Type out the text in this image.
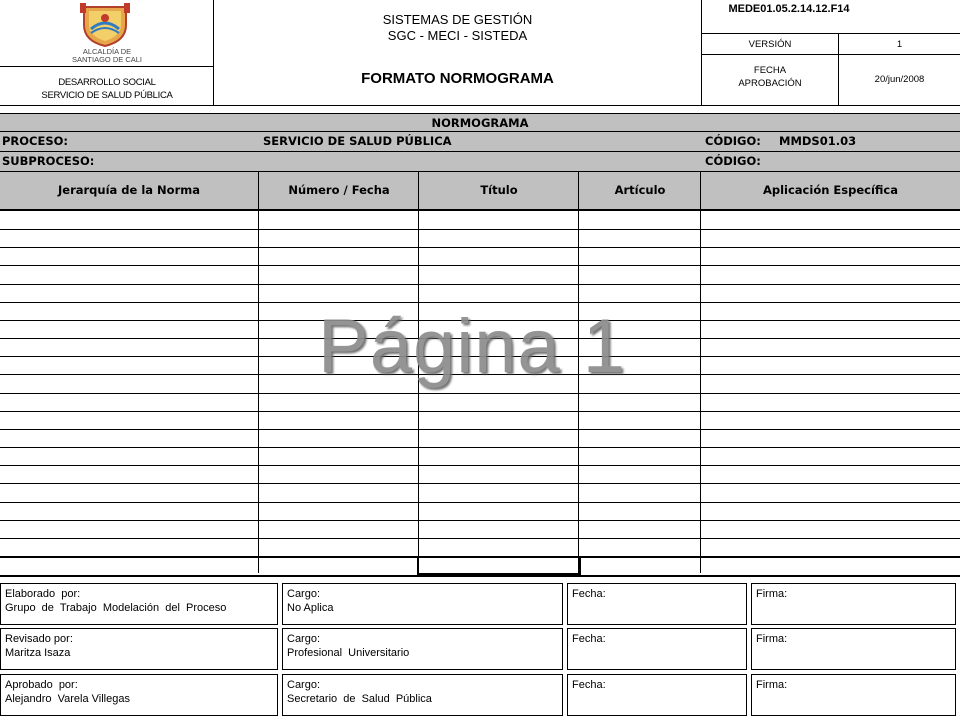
ALCALDÍA DE
SANTIAGO DE CALI
DESARROLLO SOCIAL
SERVICIO DE SALUD PÚBLICA
SISTEMAS DE GESTIÓN
SGC - MECI - SISTEDA
FORMATO NORMOGRAMA
MEDE01.05.2.14.12.F14
VERSIÓN	1
FECHA
APROBACIÓN	20/jun/2008
NORMOGRAMA
PROCESO:	SERVICIO DE SALUD PÚBLICA	CÓDIGO: MMDS01.03
SUBPROCESO:	CÓDIGO:
Jerarquía de la Norma	Número / Fecha	Título	Artículo	Aplicación Específica
Página 1
Elaborado  por:
Grupo  de  Trabajo  Modelación  del  Proceso
Cargo:
No Aplica
Fecha:	Firma:
Revisado por:
Maritza Isaza
Cargo:
Profesional  Universitario
Fecha:	Firma:
Aprobado  por:
Alejandro  Varela Villegas
Cargo:
Secretario  de  Salud  Pública
Fecha:	Firma:
